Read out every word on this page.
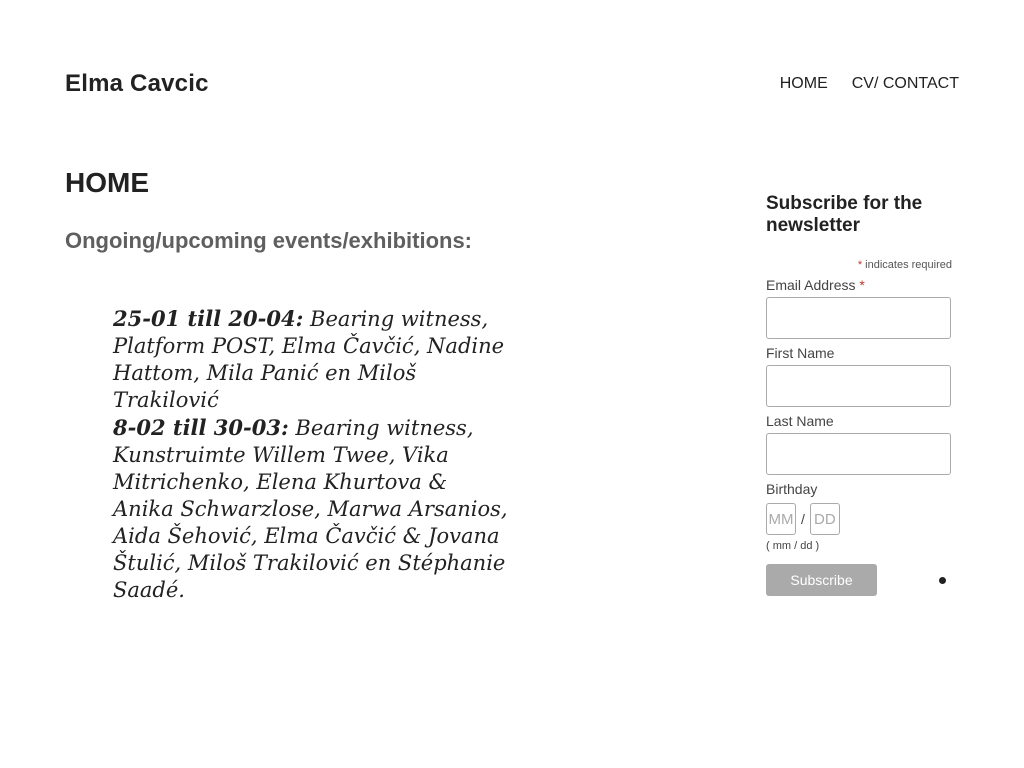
Elma Cavcic	HOME CV/ CONTACT
HOME
Ongoing/upcoming events/exhibitions:

25-01 till 20-04: Bearing witness, Platform POST, Elma Čavčić, Nadine Hattom, Mila Panić en Miloš Trakilović

8-02 till 30-03: Bearing witness, Kunstruimte Willem Twee, Vika Mitrichenko, Elena Khurtova & Anika Schwarzlose, Marwa Arsanios, Aida Šehović, Elma Čavčić & Jovana Štulić, Miloš Trakilović en Stéphanie Saadé.

Subscribe for the newsletter
* indicates required
Email Address *
First Name
Last Name
Birthday
MM
/
DD
( mm / dd )
Subscribe
